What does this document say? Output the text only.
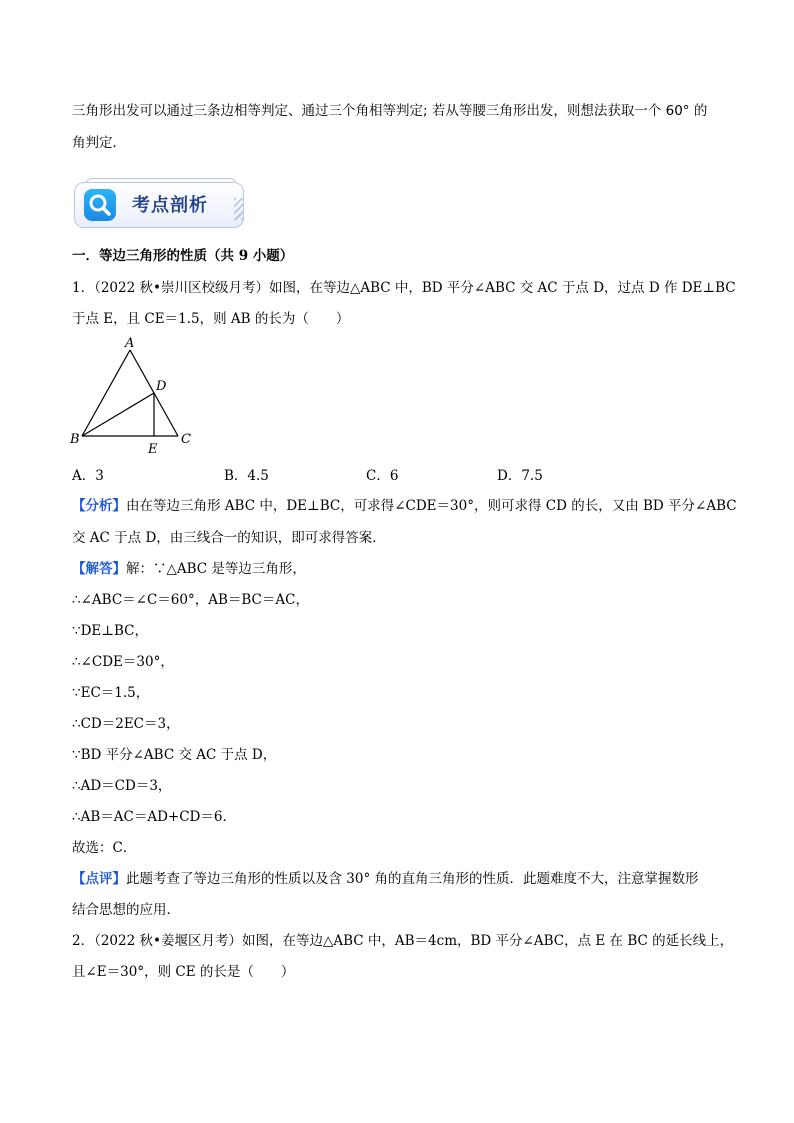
三角形出发可以通过三条边相等判定、通过三个角相等判定; 若从等腰三角形出发，则想法获取一个 60° 的
角判定．
考点剖析
一．等边三角形的性质（共 9 小题）
1．（2022 秋•崇川区校级月考）如图，在等边△ABC 中，BD 平分∠ABC 交 AC 于点 D，过点 D 作 DE⊥BC
于点 E，且 CE＝1.5，则 AB 的长为（　　）
A
B	C
D
E
A．3	B．4.5	C．6	D．7.5
【分析】由在等边三角形 ABC 中，DE⊥BC，可求得∠CDE＝30°，则可求得 CD 的长，又由 BD 平分∠ABC
交 AC 于点 D，由三线合一的知识，即可求得答案．
【解答】解：∵△ABC 是等边三角形，
∴∠ABC＝∠C＝60°，AB＝BC＝AC，
∵DE⊥BC，
∴∠CDE＝30°，
∵EC＝1.5，
∴CD＝2EC＝3，
∵BD 平分∠ABC 交 AC 于点 D，
∴AD＝CD＝3，
∴AB＝AC＝AD+CD＝6．
故选：C．
【点评】此题考查了等边三角形的性质以及含 30° 角的直角三角形的性质．此题难度不大，注意掌握数形
结合思想的应用．
2．（2022 秋•姜堰区月考）如图，在等边△ABC 中，AB＝4cm，BD 平分∠ABC，点 E 在 BC 的延长线上，
且∠E＝30°，则 CE 的长是（　　）
